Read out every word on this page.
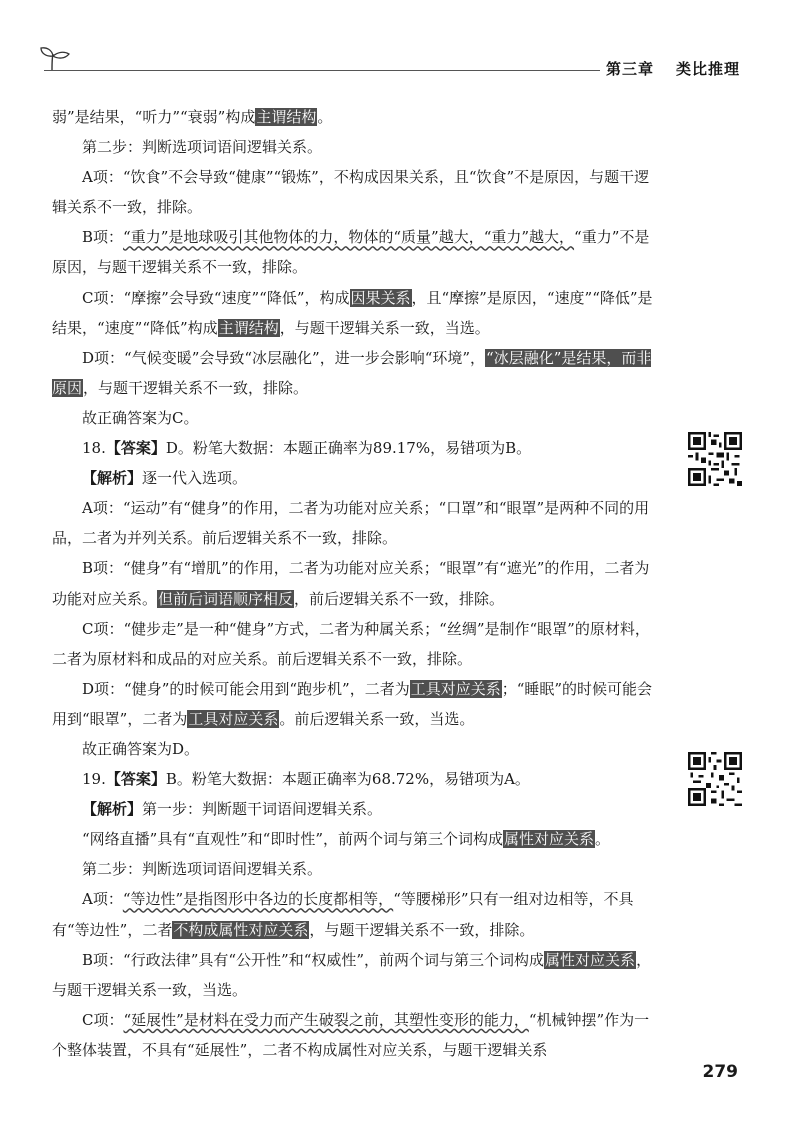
第三章 类比推理

弱”是结果，“听力”“衰弱”构成主谓结构。

第二步：判断选项词语间逻辑关系。

A项：“饮食”不会导致“健康”“锻炼”，不构成因果关系，且“饮食”不是原因，与题干逻辑关系不一致，排除。

B项：“重力”是地球吸引其他物体的力，物体的“质量”越大，“重力”越大，“重力”不是原因，与题干逻辑关系不一致，排除。

C项：“摩擦”会导致“速度”“降低”，构成因果关系，且“摩擦”是原因，“速度”“降低”是结果，“速度”“降低”构成主谓结构，与题干逻辑关系一致，当选。

D项：“气候变暖”会导致“冰层融化”，进一步会影响“环境”，“冰层融化”是结果，而非原因，与题干逻辑关系不一致，排除。

故正确答案为C。

18.【答案】D。粉笔大数据：本题正确率为89.17%，易错项为B。

【解析】逐一代入选项。

A项：“运动”有“健身”的作用，二者为功能对应关系；“口罩”和“眼罩”是两种不同的用品，二者为并列关系。前后逻辑关系不一致，排除。

B项：“健身”有“增肌”的作用，二者为功能对应关系；“眼罩”有“遮光”的作用，二者为功能对应关系。但前后词语顺序相反，前后逻辑关系不一致，排除。

C项：“健步走”是一种“健身”方式，二者为种属关系；“丝绸”是制作“眼罩”的原材料，二者为原材料和成品的对应关系。前后逻辑关系不一致，排除。

D项：“健身”的时候可能会用到“跑步机”，二者为工具对应关系；“睡眠”的时候可能会用到“眼罩”，二者为工具对应关系。前后逻辑关系一致，当选。

故正确答案为D。

19.【答案】B。粉笔大数据：本题正确率为68.72%，易错项为A。

【解析】第一步：判断题干词语间逻辑关系。

“网络直播”具有“直观性”和“即时性”，前两个词与第三个词构成属性对应关系。

第二步：判断选项词语间逻辑关系。

A项：“等边性”是指图形中各边的长度都相等，“等腰梯形”只有一组对边相等，不具有“等边性”，二者不构成属性对应关系，与题干逻辑关系不一致，排除。

B项：“行政法律”具有“公开性”和“权威性”，前两个词与第三个词构成属性对应关系，与题干逻辑关系一致，当选。

C项：“延展性”是材料在受力而产生破裂之前，其塑性变形的能力，“机械钟摆”作为一个整体装置，不具有“延展性”，二者不构成属性对应关系，与题干逻辑关系

279
